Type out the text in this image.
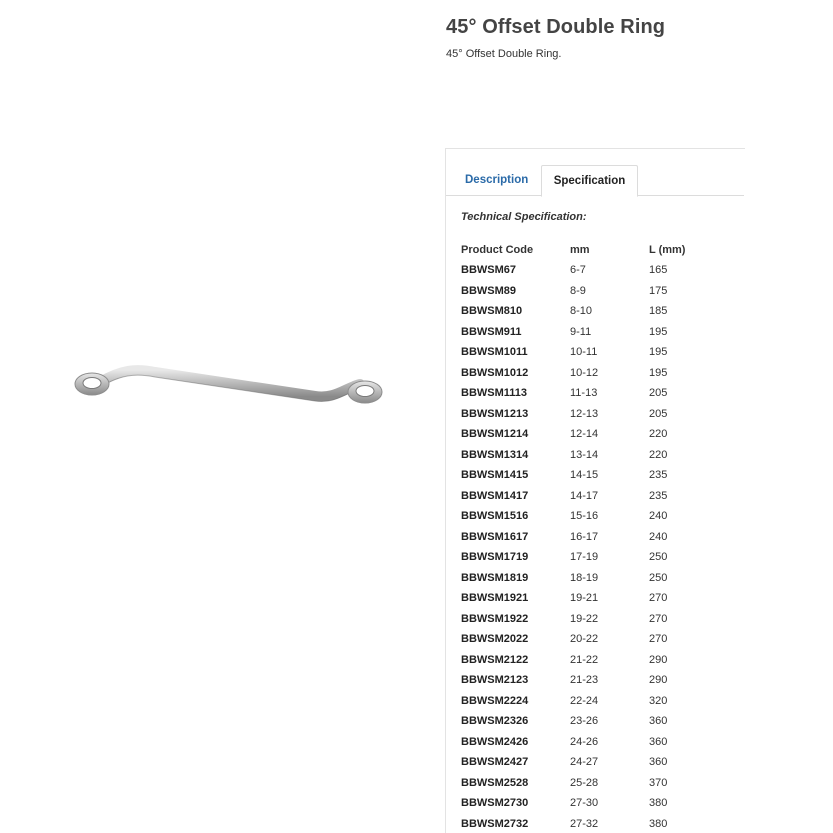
45° Offset Double Ring

45° Offset Double Ring.

Description	Specification
Technical Specification:
Product Code	mm	L (mm)
BBWSM67	6-7	165
BBWSM89	8-9	175
BBWSM810	8-10	185
BBWSM911	9-11	195
BBWSM1011	10-11	195
BBWSM1012	10-12	195
BBWSM1113	11-13	205
BBWSM1213	12-13	205
BBWSM1214	12-14	220
BBWSM1314	13-14	220
BBWSM1415	14-15	235
BBWSM1417	14-17	235
BBWSM1516	15-16	240
BBWSM1617	16-17	240
BBWSM1719	17-19	250
BBWSM1819	18-19	250
BBWSM1921	19-21	270
BBWSM1922	19-22	270
BBWSM2022	20-22	270
BBWSM2122	21-22	290
BBWSM2123	21-23	290
BBWSM2224	22-24	320
BBWSM2326	23-26	360
BBWSM2426	24-26	360
BBWSM2427	24-27	360
BBWSM2528	25-28	370
BBWSM2730	27-30	380
BBWSM2732	27-32	380
